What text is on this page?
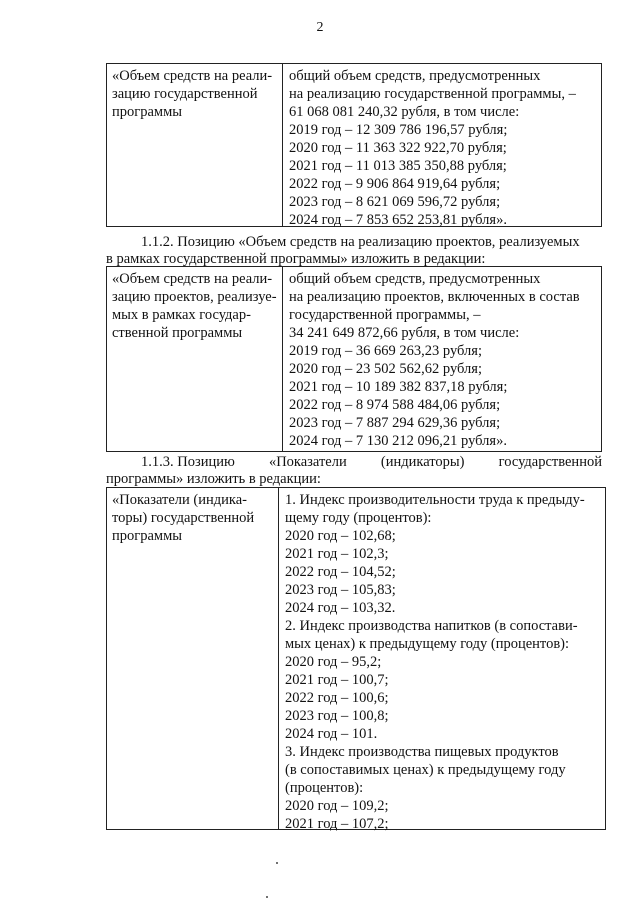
2
«Объем средств на реали-
зацию государственной
программы
общий объем средств, предусмотренных
на реализацию государственной программы, –
61 068 081 240,32 рубля, в том числе:
2019 год – 12 309 786 196,57 рубля;
2020 год – 11 363 322 922,70 рубля;
2021 год – 11 013 385 350,88 рубля;
2022 год – 9 906 864 919,64 рубля;
2023 год – 8 621 069 596,72 рубля;
2024 год – 7 853 652 253,81 рубля».
1.1.2. Позицию «Объем средств на реализацию проектов, реализуемых
в рамках государственной программы» изложить в редакции:
«Объем средств на реали-
зацию проектов, реализуе-
мых в рамках государ-
ственной программы
общий объем средств, предусмотренных
на реализацию проектов, включенных в состав
государственной программы, –
34 241 649 872,66 рубля, в том числе:
2019 год – 36 669 263,23 рубля;
2020 год – 23 502 562,62 рубля;
2021 год – 10 189 382 837,18 рубля;
2022 год – 8 974 588 484,06 рубля;
2023 год – 7 887 294 629,36 рубля;
2024 год – 7 130 212 096,21 рубля».
1.1.3. Позицию «Показатели (индикаторы) государственной
программы» изложить в редакции:
«Показатели (индика-
торы) государственной
программы
1. Индекс производительности труда к предыду-
щему году (процентов):
2020 год – 102,68;
2021 год – 102,3;
2022 год – 104,52;
2023 год – 105,83;
2024 год – 103,32.
2. Индекс производства напитков (в сопостави-
мых ценах) к предыдущему году (процентов):
2020 год – 95,2;
2021 год – 100,7;
2022 год – 100,6;
2023 год – 100,8;
2024 год – 101.
3. Индекс производства пищевых продуктов
(в сопоставимых ценах) к предыдущему году
(процентов):
2020 год – 109,2;
2021 год – 107,2;
